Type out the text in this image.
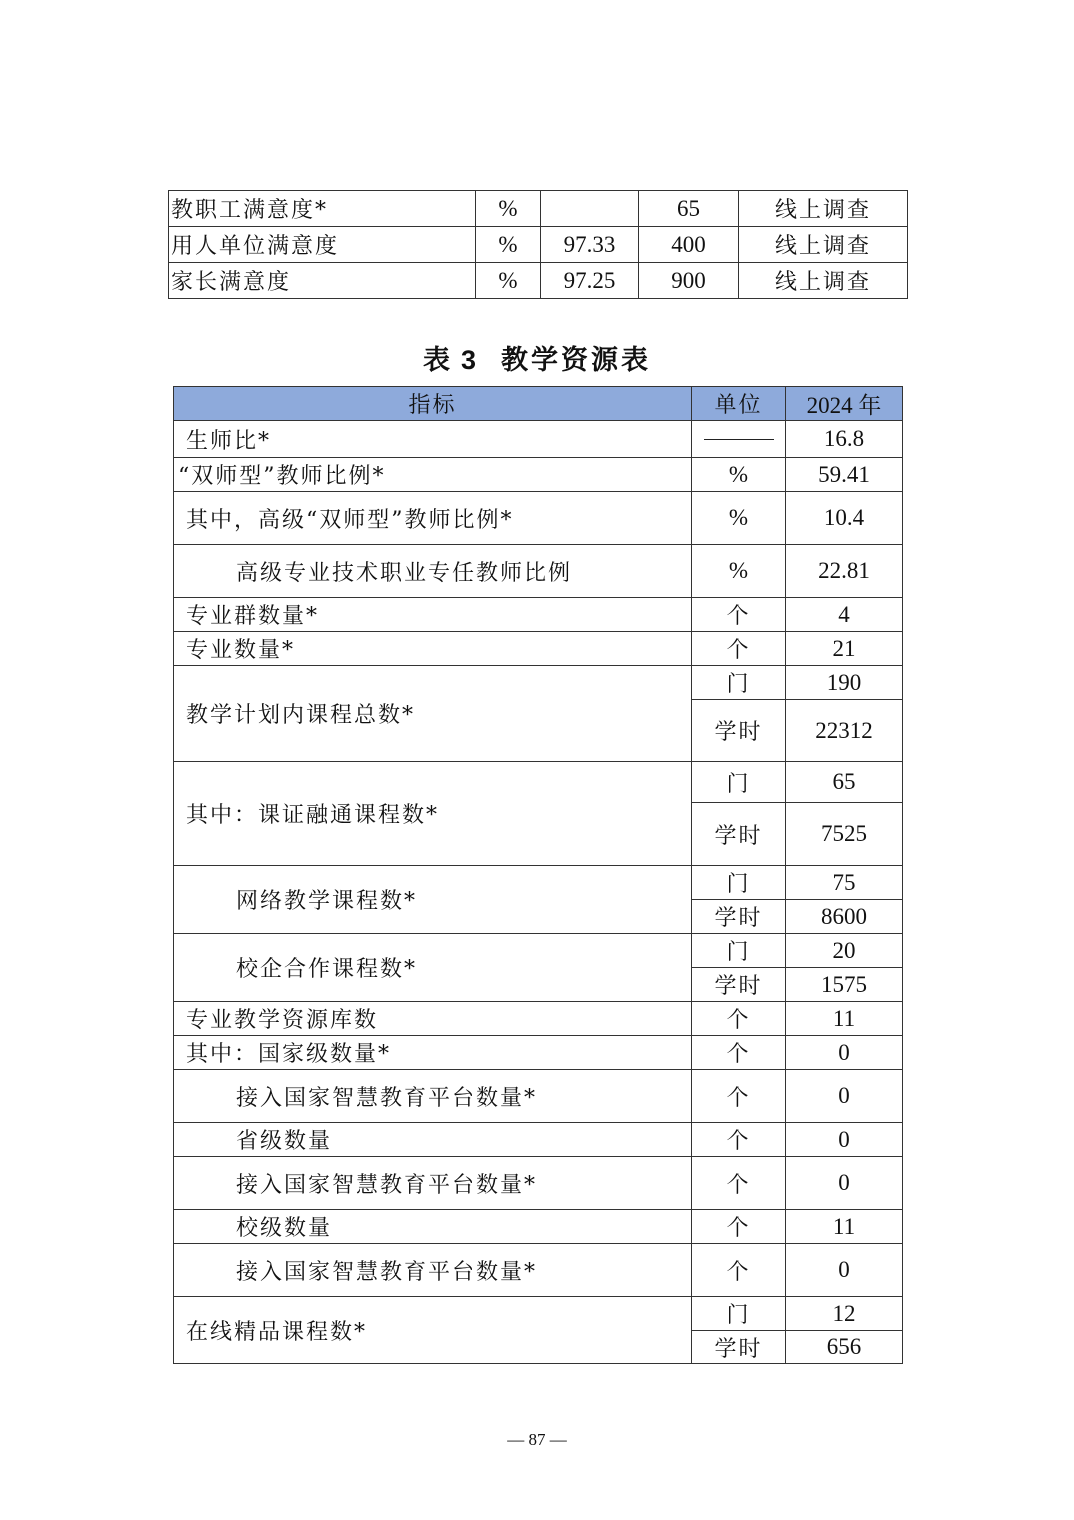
教职工满意度*	%		65	线上调查
用人单位满意度	%	97.33	400	线上调查
家长满意度	%	97.25	900	线上调查
表 3 教学资源表
指标	单位	2024 年
生师比*		16.8
“双师型”教师比例*	%	59.41
其中，高级“双师型”教师比例*	%	10.4
高级专业技术职业专任教师比例	%	22.81
专业群数量*	个	4
专业数量*	个	21
教学计划内课程总数*	门	190
	学时	22312
其中：课证融通课程数*	门	65
	学时	7525
网络教学课程数*	门	75
	学时	8600
校企合作课程数*	门	20
	学时	1575
专业教学资源库数	个	11
其中：国家级数量*	个	0
接入国家智慧教育平台数量*	个	0
省级数量	个	0
接入国家智慧教育平台数量*	个	0
校级数量	个	11
接入国家智慧教育平台数量*	个	0
在线精品课程数*	门	12
	学时	656
— 87 —
